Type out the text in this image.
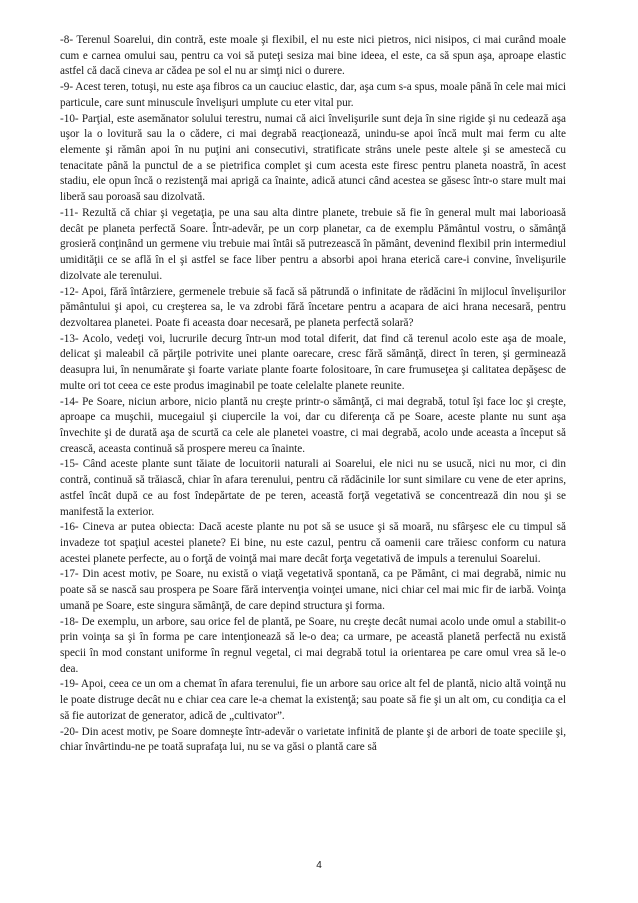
-8- Terenul Soarelui, din contră, este moale şi flexibil, el nu este nici pietros, nici nisipos, ci mai curând moale cum e carnea omului sau, pentru ca voi să puteţi sesiza mai bine ideea, el este, ca să spun aşa, aproape elastic astfel că dacă cineva ar cădea pe sol el nu ar simţi nici o durere.

-9- Acest teren, totuşi, nu este aşa fibros ca un cauciuc elastic, dar, aşa cum s-a spus, moale până în cele mai mici particule, care sunt minuscule învelişuri umplute cu eter vital pur.

-10- Parţial, este asemănator solului terestru, numai că aici învelişurile sunt deja în sine rigide şi nu cedează aşa uşor la o lovitură sau la o cădere, ci mai degrabă reacţionează, unindu-se apoi încă mult mai ferm cu alte elemente şi rămân apoi în nu puţini ani consecutivi, stratificate strâns unele peste altele şi se amestecă cu tenacitate până la punctul de a se pietrifica complet şi cum acesta este firesc pentru planeta noastră, în acest stadiu, ele opun încă o rezistenţă mai aprigă ca înainte, adică atunci când acestea se găsesc într-o stare mult mai liberă sau poroasă sau dizolvată.

-11- Rezultă că chiar şi vegetaţia, pe una sau alta dintre planete, trebuie să fie în general mult mai laborioasă decât pe planeta perfectă Soare. Într-adevăr, pe un corp planetar, ca de exemplu Pământul vostru, o sămânţă grosieră conţinând un germene viu trebuie mai întâi să putrezească în pământ, devenind flexibil prin intermediul umidităţii ce se află în el şi astfel se face liber pentru a absorbi apoi hrana eterică care-i convine, învelişurile dizolvate ale terenului.

-12- Apoi, fără întârziere, germenele trebuie să facă să pătrundă o infinitate de rădăcini în mijlocul învelişurilor pământului şi apoi, cu creşterea sa, le va zdrobi fără încetare pentru a acapara de aici hrana necesară, pentru dezvoltarea planetei. Poate fi aceasta doar necesară, pe planeta perfectă solară?

-13- Acolo, vedeţi voi, lucrurile decurg într-un mod total diferit, dat find că terenul acolo este aşa de moale, delicat şi maleabil că părţile potrivite unei plante oarecare, cresc fără sămânţă, direct în teren, şi germinează deasupra lui, în nenumărate şi foarte variate plante foarte folositoare, în care frumuseţea şi calitatea depăşesc de multe ori tot ceea ce este produs imaginabil pe toate celelalte planete reunite.

-14- Pe Soare, niciun arbore, nicio plantă nu creşte printr-o sămânţă, ci mai degrabă, totul îşi face loc şi creşte, aproape ca muşchii, mucegaiul şi ciupercile la voi, dar cu diferenţa că pe Soare, aceste plante nu sunt aşa învechite şi de durată aşa de scurtă ca cele ale planetei voastre, ci mai degrabă, acolo unde aceasta a început să crească, aceasta continuă să prospere mereu ca înainte.

-15- Când aceste plante sunt tăiate de locuitorii naturali ai Soarelui, ele nici nu se usucă, nici nu mor, ci din contră, continuă să trăiască, chiar în afara terenului, pentru că rădăcinile lor sunt similare cu vene de eter aprins, astfel încât după ce au fost îndepărtate de pe teren, această forţă vegetativă se concentrează din nou şi se manifestă la exterior.

-16- Cineva ar putea obiecta: Dacă aceste plante nu pot să se usuce şi să moară, nu sfârşesc ele cu timpul să invadeze tot spaţiul acestei planete? Ei bine, nu este cazul, pentru că oamenii care trăiesc conform cu natura acestei planete perfecte, au o forţă de voinţă mai mare decât forţa vegetativă de impuls a terenului Soarelui.

-17- Din acest motiv, pe Soare, nu există o viaţă vegetativă spontană, ca pe Pământ, ci mai degrabă, nimic nu poate să se nască sau prospera pe Soare fără intervenţia voinţei umane, nici chiar cel mai mic fir de iarbă. Voinţa umană pe Soare, este singura sămânţă, de care depind structura şi forma.

-18- De exemplu, un arbore, sau orice fel de plantă, pe Soare, nu creşte decât numai acolo unde omul a stabilit-o prin voinţa sa şi în forma pe care intenţionează să le-o dea; ca urmare, pe această planetă perfectă nu există specii în mod constant uniforme în regnul vegetal, ci mai degrabă totul ia orientarea pe care omul vrea să le-o dea.

-19- Apoi, ceea ce un om a chemat în afara terenului, fie un arbore sau orice alt fel de plantă, nicio altă voinţă nu le poate distruge decât nu e chiar cea care le-a chemat la existenţă; sau poate să fie şi un alt om, cu condiţia ca el să fie autorizat de generator, adică de „cultivator”.

-20- Din acest motiv, pe Soare domneşte într-adevăr o varietate infinită de plante şi de arbori de toate speciile şi, chiar învârtindu-ne pe toată suprafaţa lui, nu se va găsi o plantă care să

4
